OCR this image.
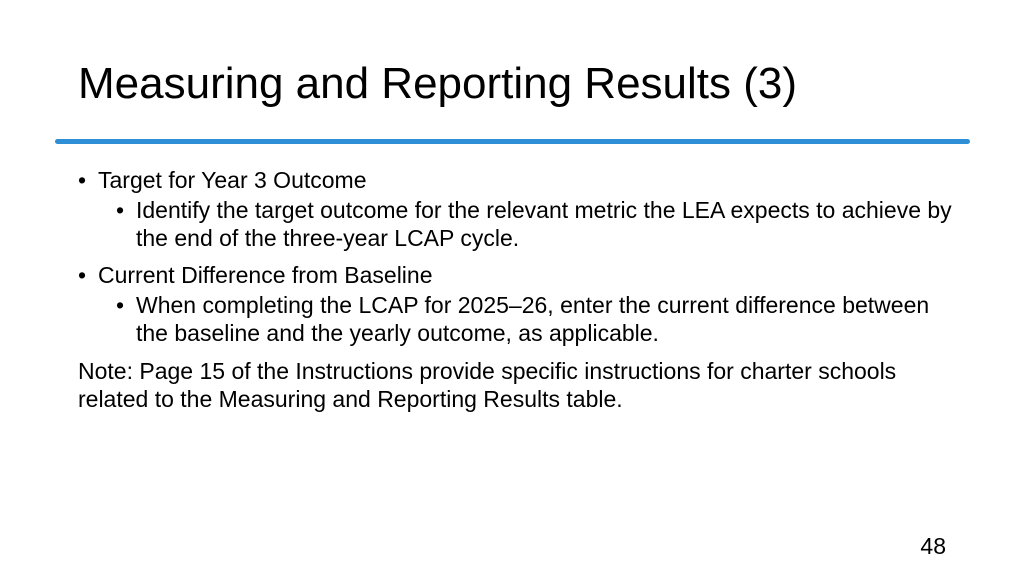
Measuring and Reporting Results (3)
• Target for Year 3 Outcome
• Identify the target outcome for the relevant metric the LEA expects to achieve by the end of the three-year LCAP cycle.
• Current Difference from Baseline
• When completing the LCAP for 2025–26, enter the current difference between the baseline and the yearly outcome, as applicable.
Note: Page 15 of the Instructions provide specific instructions for charter schools related to the Measuring and Reporting Results table.
48
